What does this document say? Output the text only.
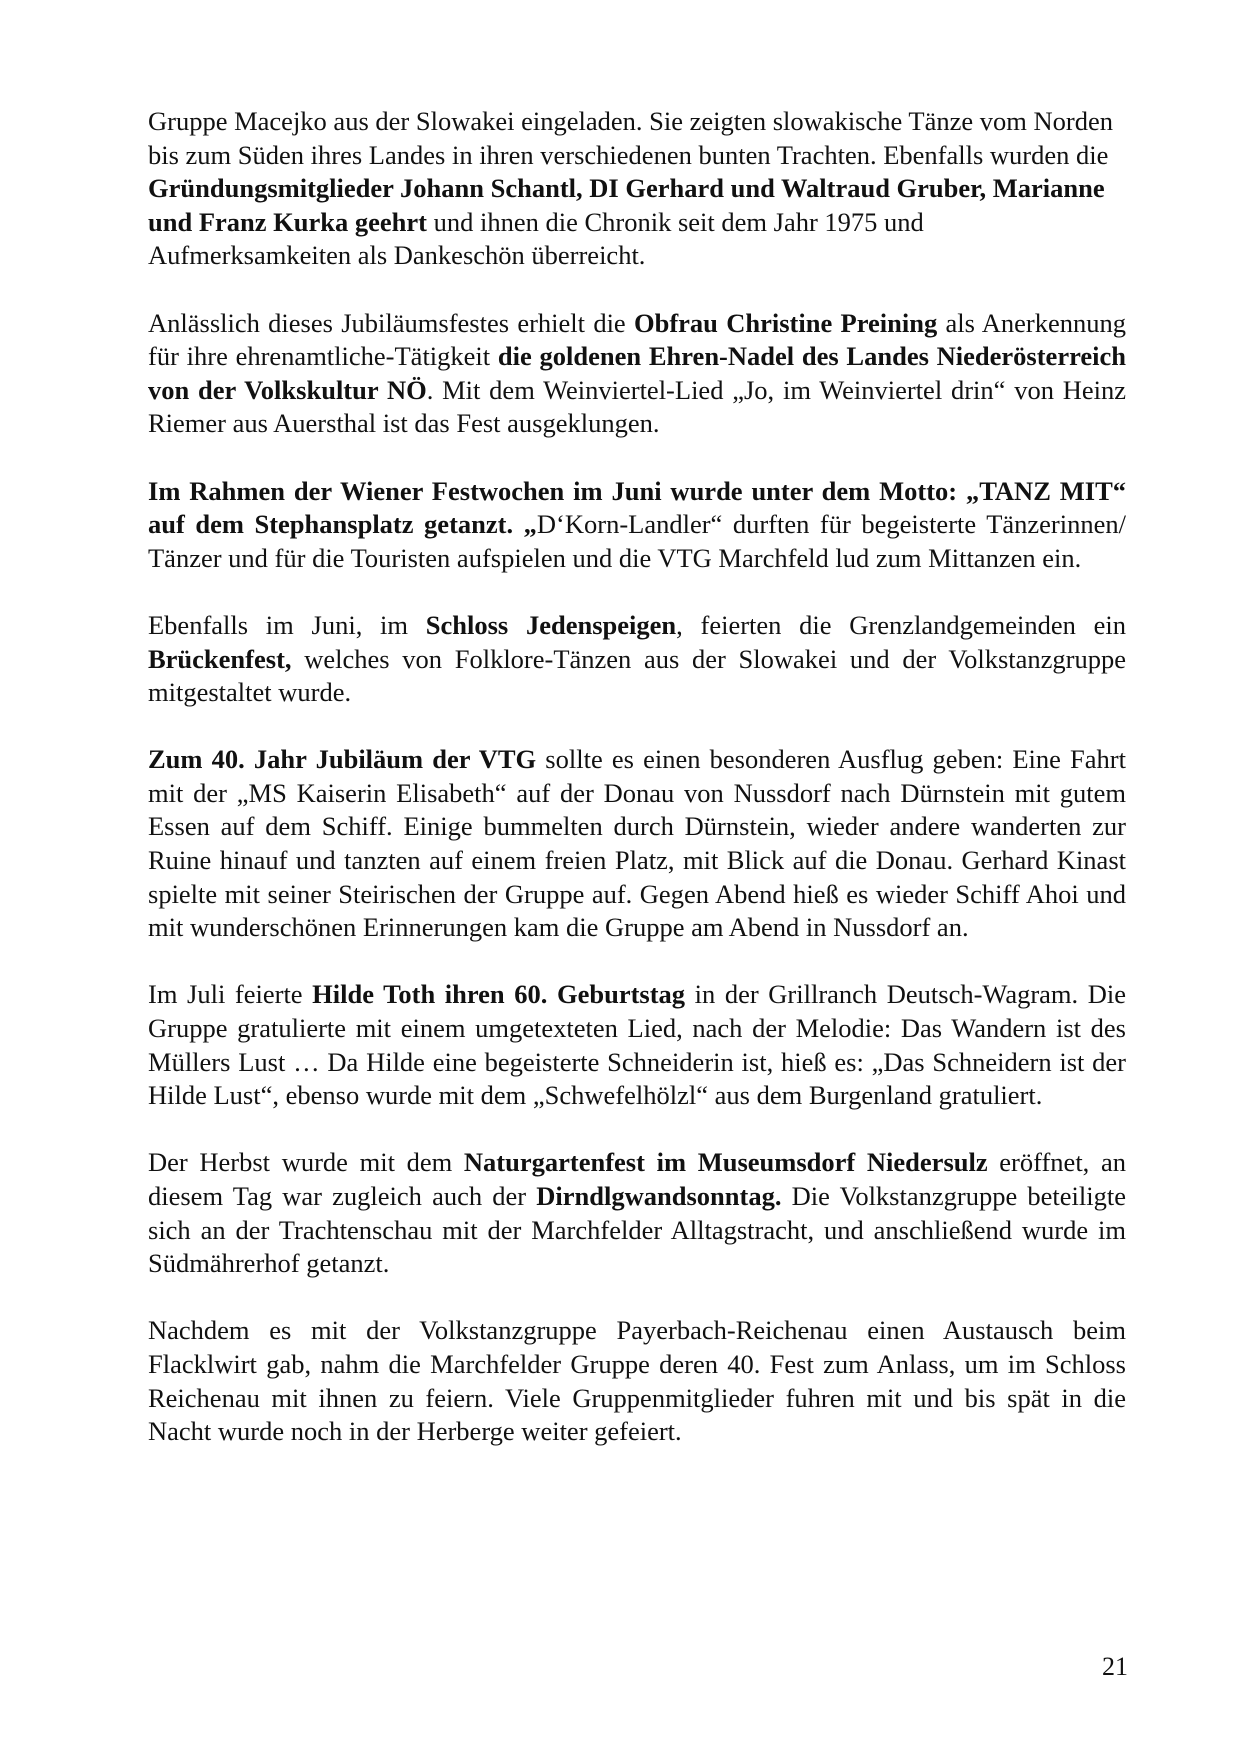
Gruppe Macejko aus der Slowakei eingeladen. Sie zeigten slowakische Tänze vom Norden bis zum Süden ihres Landes in ihren verschiedenen bunten Trachten. Ebenfalls wurden die Gründungsmitglieder Johann Schantl, DI Gerhard und Waltraud Gruber, Marianne und Franz Kurka geehrt und ihnen die Chronik seit dem Jahr 1975 und Aufmerksamkeiten als Dankeschön überreicht.

Anlässlich dieses Jubiläumsfestes erhielt die Obfrau Christine Preining als Anerkennung für ihre ehrenamtliche-Tätigkeit die goldenen Ehren-Nadel des Landes Niederösterreich von der Volkskultur NÖ. Mit dem Weinviertel-Lied „Jo, im Weinviertel drin“ von Heinz Riemer aus Auersthal ist das Fest ausgeklungen.

Im Rahmen der Wiener Festwochen im Juni wurde unter dem Motto: „TANZ MIT“ auf dem Stephansplatz getanzt. „D‘Korn-Landler“ durften für begeisterte Tänzerinnen/ Tänzer und für die Touristen aufspielen und die VTG Marchfeld lud zum Mittanzen ein.

Ebenfalls im Juni, im Schloss Jedenspeigen, feierten die Grenzlandgemeinden ein Brückenfest, welches von Folklore-Tänzen aus der Slowakei und der Volkstanzgruppe mitgestaltet wurde.

Zum 40. Jahr Jubiläum der VTG sollte es einen besonderen Ausflug geben: Eine Fahrt mit der „MS Kaiserin Elisabeth“ auf der Donau von Nussdorf nach Dürnstein mit gutem Essen auf dem Schiff. Einige bummelten durch Dürnstein, wieder andere wanderten zur Ruine hinauf und tanzten auf einem freien Platz, mit Blick auf die Donau. Gerhard Kinast spielte mit seiner Steirischen der Gruppe auf. Gegen Abend hieß es wieder Schiff Ahoi und mit wunderschönen Erinnerungen kam die Gruppe am Abend in Nussdorf an.

Im Juli feierte Hilde Toth ihren 60. Geburtstag in der Grillranch Deutsch-Wagram. Die Gruppe gratulierte mit einem umgetexteten Lied, nach der Melodie: Das Wandern ist des Müllers Lust … Da Hilde eine begeisterte Schneiderin ist, hieß es: „Das Schneidern ist der Hilde Lust“, ebenso wurde mit dem „Schwefelhölzl“ aus dem Burgenland gratuliert.

Der Herbst wurde mit dem Naturgartenfest im Museumsdorf Niedersulz eröffnet, an diesem Tag war zugleich auch der Dirndlgwandsonntag. Die Volkstanzgruppe beteiligte sich an der Trachtenschau mit der Marchfelder Alltagstracht, und anschließend wurde im Südmährerhof getanzt.

Nachdem es mit der Volkstanzgruppe Payerbach-Reichenau einen Austausch beim Flacklwirt gab, nahm die Marchfelder Gruppe deren 40. Fest zum Anlass, um im Schloss Reichenau mit ihnen zu feiern. Viele Gruppenmitglieder fuhren mit und bis spät in die Nacht wurde noch in der Herberge weiter gefeiert.

21
